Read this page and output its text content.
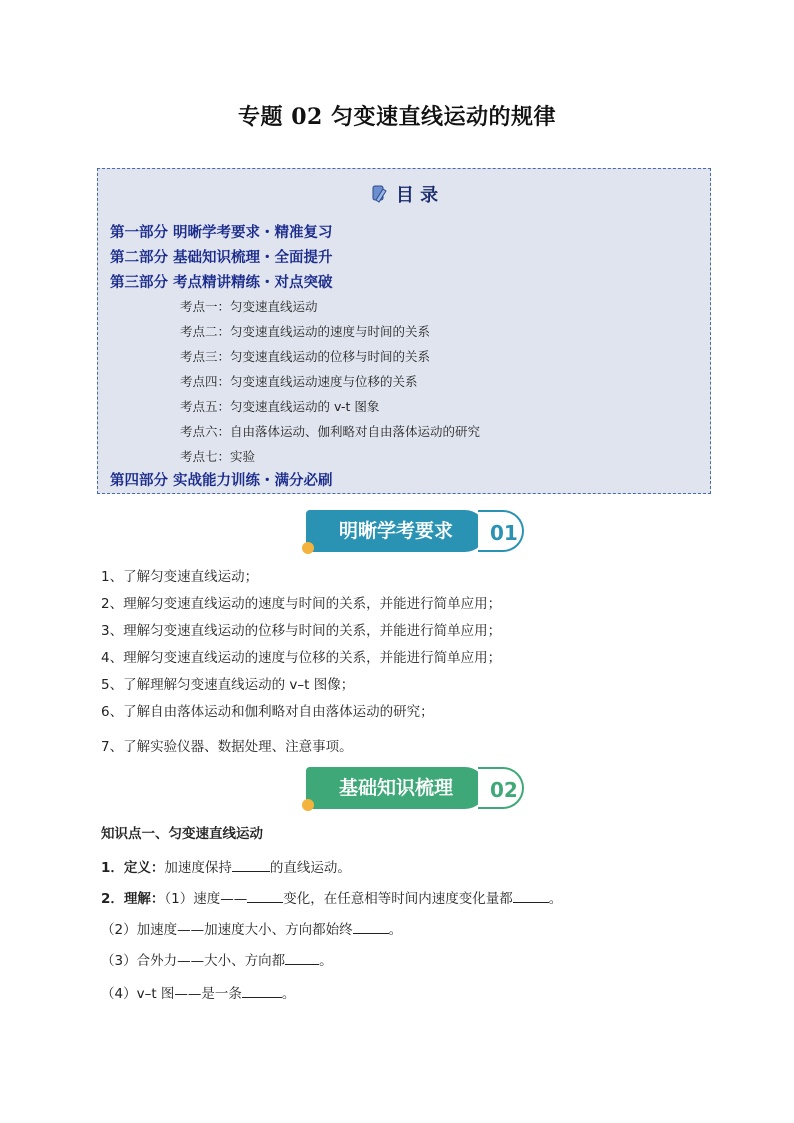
专题 02 匀变速直线运动的规律
目 录
第一部分 明晰学考要求・精准复习
第二部分 基础知识梳理・全面提升
第三部分 考点精讲精练・对点突破
考点一：匀变速直线运动
考点二：匀变速直线运动的速度与时间的关系
考点三：匀变速直线运动的位移与时间的关系
考点四：匀变速直线运动速度与位移的关系
考点五：匀变速直线运动的 v-t 图象
考点六：自由落体运动、伽利略对自由落体运动的研究
考点七：实验
第四部分 实战能力训练・满分必刷
明晰学考要求	01
1、了解匀变速直线运动；
2、理解匀变速直线运动的速度与时间的关系，并能进行简单应用；
3、理解匀变速直线运动的位移与时间的关系，并能进行简单应用；
4、理解匀变速直线运动的速度与位移的关系，并能进行简单应用；
5、了解理解匀变速直线运动的 v–t 图像；
6、了解自由落体运动和伽利略对自由落体运动的研究；
7、了解实验仪器、数据处理、注意事项。
基础知识梳理	02
知识点一、匀变速直线运动
1．定义：加速度保持	的直线运动。
2．理解：（1）速度——	变化，在任意相等时间内速度变化量都	。
（2）加速度——加速度大小、方向都始终	。
（3）合外力——大小、方向都	。
（4）v–t 图——是一条	。
